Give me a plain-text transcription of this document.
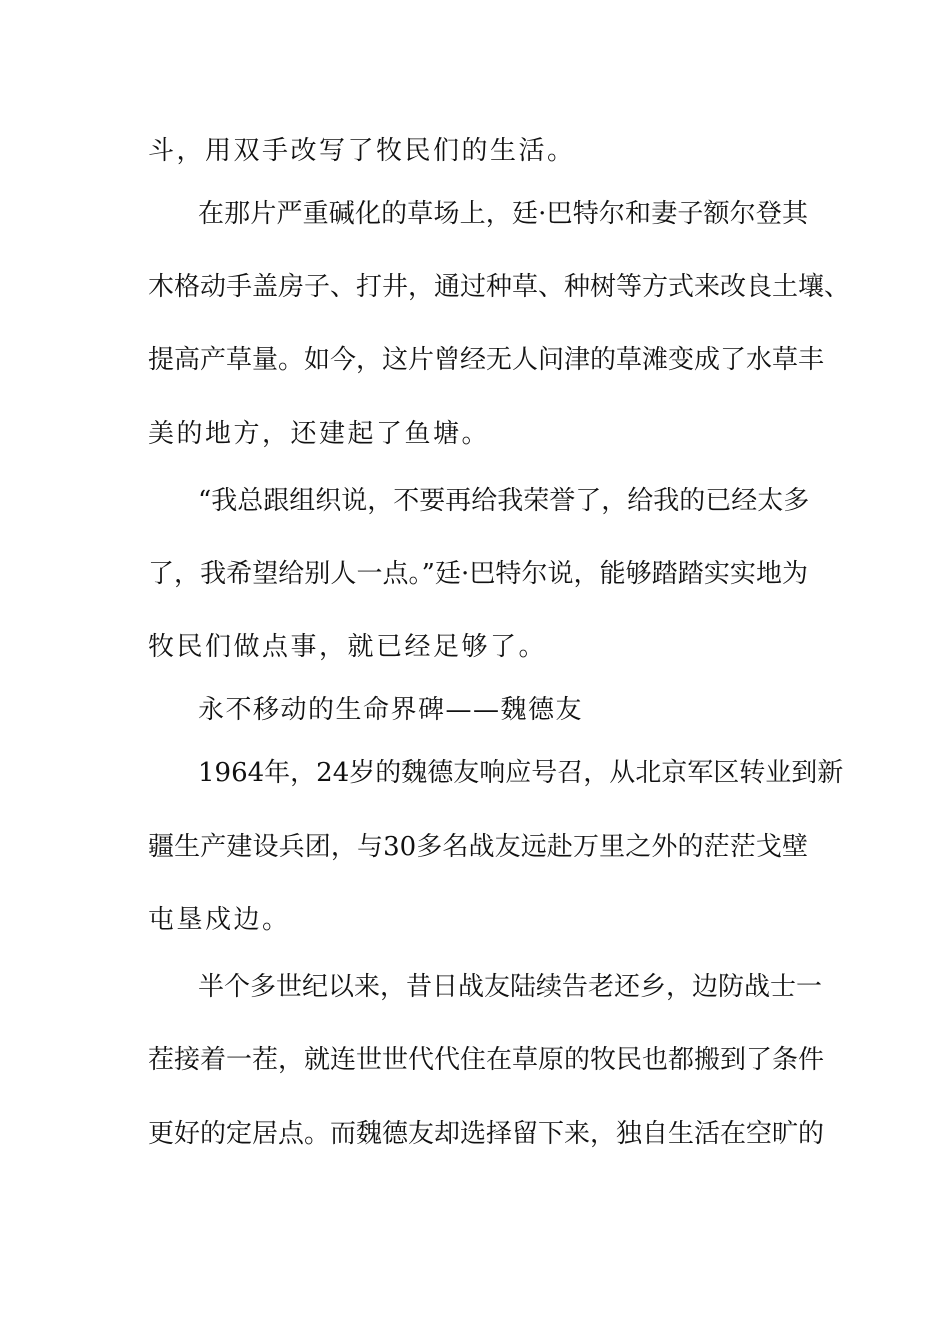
斗，用双手改写了牧民们的生活。
在那片严重碱化的草场上，廷·巴特尔和妻子额尔登其
木格动手盖房子、打井，通过种草、种树等方式来改良土壤、
提高产草量。如今，这片曾经无人问津的草滩变成了水草丰
美的地方，还建起了鱼塘。
“我总跟组织说，不要再给我荣誉了，给我的已经太多
了，我希望给别人一点。”廷·巴特尔说，能够踏踏实实地为
牧民们做点事，就已经足够了。
永不移动的生命界碑——魏德友
1964年，24岁的魏德友响应号召，从北京军区转业到新
疆生产建设兵团，与30多名战友远赴万里之外的茫茫戈壁
屯垦戍边。
半个多世纪以来，昔日战友陆续告老还乡，边防战士一
茬接着一茬，就连世世代代住在草原的牧民也都搬到了条件
更好的定居点。而魏德友却选择留下来，独自生活在空旷的
